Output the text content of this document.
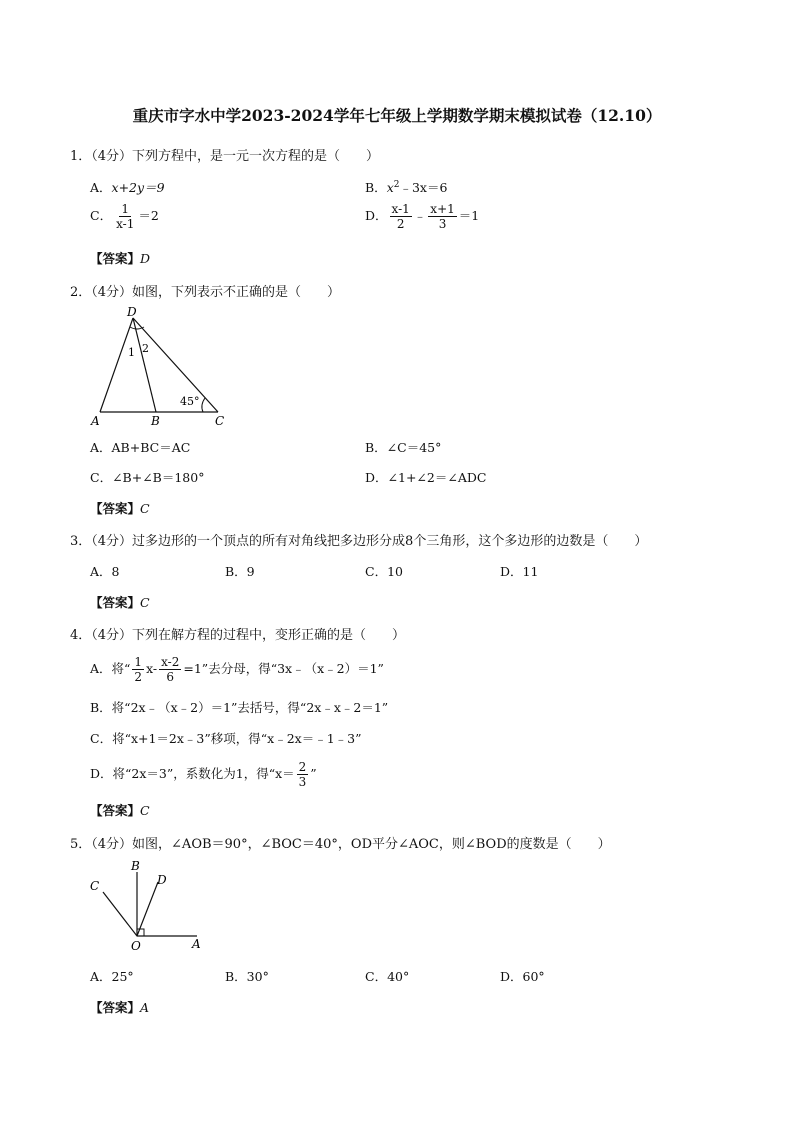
重庆市字水中学2023-2024学年七年级上学期数学期末模拟试卷（12.10）
1．（4分）下列方程中，是一元一次方程的是（　　）
A．x+2y＝9	B．$x^2﹣3x=6$
C． $\frac{1}{x-1} =2$	D． $\frac{x-1}{2}$ ﹣ $\frac{x+1}{3} =1$
【答案】D
2．（4分）如图，下列表示不正确的是（　　）
D
A	B	C
1 2
45°
A．AB+BC＝AC	B．∠C＝45°
C．∠B+∠B＝180°	D．∠1+∠2＝∠ADC
【答案】C
3．（4分）过多边形的一个顶点的所有对角线把多边形分成8个三角形，这个多边形的边数是（　　）
A．8	B．9	C．10	D．11
【答案】C
4．（4分）下列在解方程的过程中，变形正确的是（　　）
A．将“ $\frac{1}{2} x- \frac{x-2}{6} =1$”去分母，得“3x﹣（x﹣2）＝1”
B．将“2x﹣（x﹣2）＝1”去括号，得“2x﹣x﹣2＝1”
C．将“x+1＝2x﹣3”移项，得“x﹣2x＝﹣1﹣3”
D．将“2x＝3”，系数化为1，得“$x= \frac{2}{3}$ ”
【答案】C
5．（4分）如图，∠AOB＝90°，∠BOC＝40°，OD平分∠AOC，则∠BOD的度数是（　　）
B
C	D
O	A
A．25°	B．30°	C．40°	D．60°
【答案】A
